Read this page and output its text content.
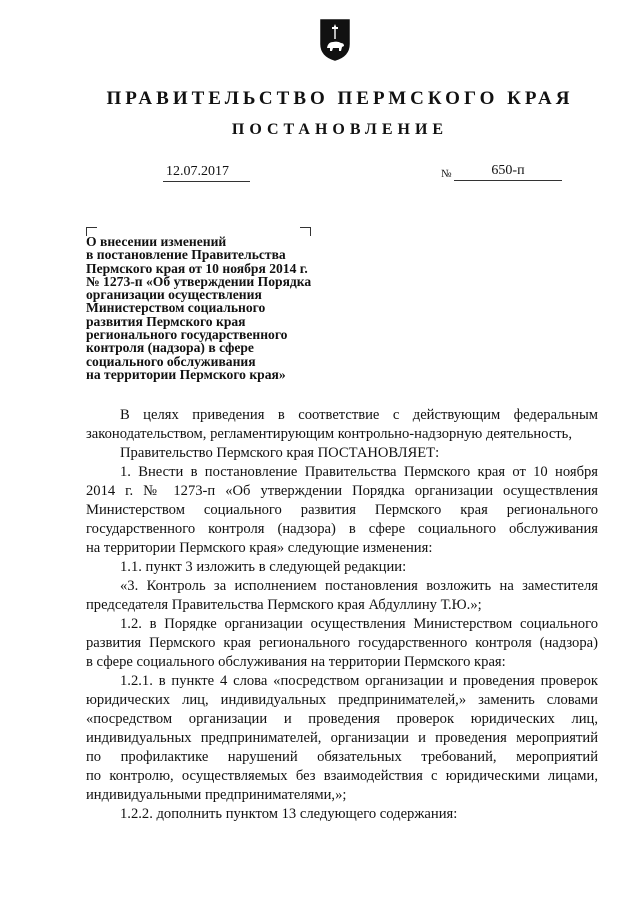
ПРАВИТЕЛЬСТВО ПЕРМСКОГО КРАЯ
ПОСТАНОВЛЕНИЕ
12.07.2017	№	650-п
О внесении изменений
в постановление Правительства
Пермского края от 10 ноября 2014 г.
№ 1273-п «Об утверждении Порядка
организации осуществления
Министерством социального
развития Пермского края
регионального государственного
контроля (надзора) в сфере
социального обслуживания
на территории Пермского края»
В целях приведения в соответствие с действующим федеральным
законодательством, регламентирующим контрольно-надзорную деятельность,
Правительство Пермского края ПОСТАНОВЛЯЕТ:
1. Внести в постановление Правительства Пермского края от 10 ноября
2014 г. № 1273-п «Об утверждении Порядка организации осуществления
Министерством социального развития Пермского края регионального
государственного контроля (надзора) в сфере социального обслуживания
на территории Пермского края» следующие изменения:
1.1. пункт 3 изложить в следующей редакции:
«3. Контроль за исполнением постановления возложить на заместителя
председателя Правительства Пермского края Абдуллину Т.Ю.»;
1.2. в Порядке организации осуществления Министерством социального
развития Пермского края регионального государственного контроля (надзора)
в сфере социального обслуживания на территории Пермского края:
1.2.1. в пункте 4 слова «посредством организации и проведения проверок
юридических лиц, индивидуальных предпринимателей,» заменить словами
«посредством организации и проведения проверок юридических лиц,
индивидуальных предпринимателей, организации и проведения мероприятий
по профилактике нарушений обязательных требований, мероприятий
по контролю, осуществляемых без взаимодействия с юридическими лицами,
индивидуальными предпринимателями,»;
1.2.2. дополнить пунктом 13 следующего содержания:
